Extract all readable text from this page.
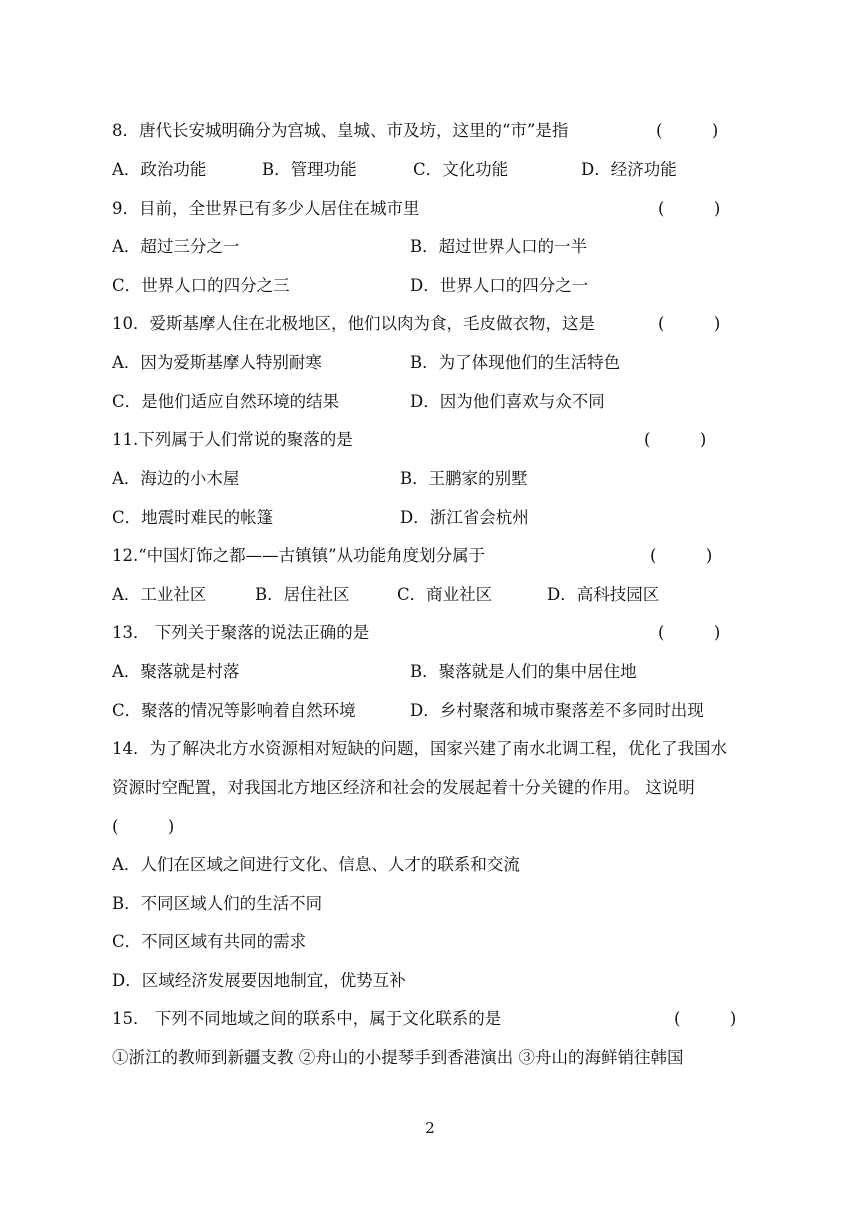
8．唐代长安城明确分为宫城、皇城、市及坊，这里的“市”是指	(　　　)
A．政治功能	B．管理功能	C．文化功能	D．经济功能
9．目前，全世界已有多少人居住在城市里	(　　　)
A．超过三分之一	B．超过世界人口的一半
C．世界人口的四分之三	D．世界人口的四分之一
10．爱斯基摩人住在北极地区，他们以肉为食，毛皮做衣物，这是	(　　　)
A．因为爱斯基摩人特别耐寒	B．为了体现他们的生活特色
C．是他们适应自然环境的结果	D．因为他们喜欢与众不同
11.下列属于人们常说的聚落的是	(　　　)
A．海边的小木屋	B．王鹏家的别墅
C．地震时难民的帐篷	D．浙江省会杭州
12.“中国灯饰之都——古镇镇”从功能角度划分属于	(　　　)
A．工业社区	B．居住社区	C．商业社区	D．高科技园区
13． 下列关于聚落的说法正确的是	(　　　)
A．聚落就是村落	B．聚落就是人们的集中居住地
C．聚落的情况等影响着自然环境	D．乡村聚落和城市聚落差不多同时出现
14．为了解决北方水资源相对短缺的问题，国家兴建了南水北调工程，优化了我国水
资源时空配置，对我国北方地区经济和社会的发展起着十分关键的作用。 这说明
(　　　)
A．人们在区域之间进行文化、信息、人才的联系和交流
B．不同区域人们的生活不同
C．不同区域有共同的需求
D．区域经济发展要因地制宜，优势互补
15． 下列不同地域之间的联系中，属于文化联系的是	(　　　)
①浙江的教师到新疆支教 ②舟山的小提琴手到香港演出 ③舟山的海鲜销往韩国
2
